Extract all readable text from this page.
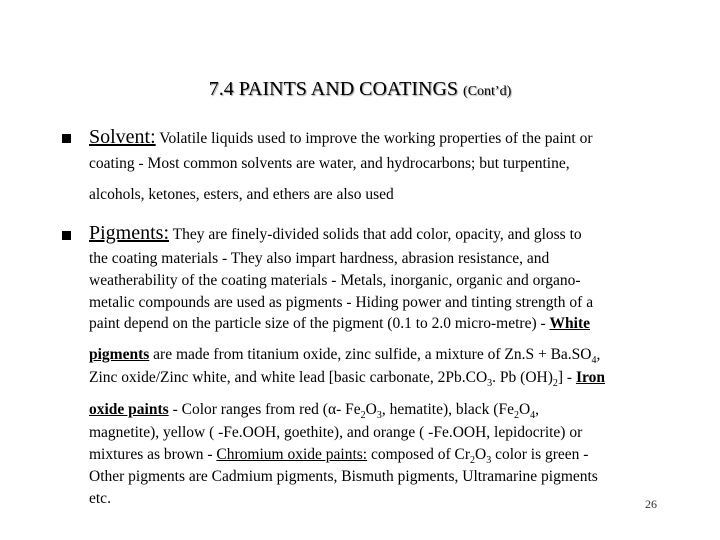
7.4 PAINTS AND COATINGS (Cont’d)
Solvent: Volatile liquids used to improve the working properties of the paint or
coating - Most common solvents are water, and hydrocarbons; but turpentine,
alcohols, ketones, esters, and ethers are also used
Pigments: They are finely-divided solids that add color, opacity, and gloss to
the coating materials - They also impart hardness, abrasion resistance, and
weatherability of the coating materials - Metals, inorganic, organic and organo-
metalic compounds are used as pigments - Hiding power and tinting strength of a
paint depend on the particle size of the pigment (0.1 to 2.0 micro-metre) - White
pigments are made from titanium oxide, zinc sulfide, a mixture of $Zn.S + Ba.SO_4$,
Zinc oxide/Zinc white, and white lead [basic carbonate, $2Pb.CO_3$. Pb $(OH)_2$] - Iron
oxide paints - Color ranges from red (α- $Fe_2O_3$, hematite), black ($Fe_2O_4$,
magnetite), yellow ( -Fe.OOH, goethite), and orange ( -Fe.OOH, lepidocrite) or
mixtures as brown - Chromium oxide paints: composed of $Cr_2O_3$ color is green -
Other pigments are Cadmium pigments, Bismuth pigments, Ultramarine pigments
etc.	26
